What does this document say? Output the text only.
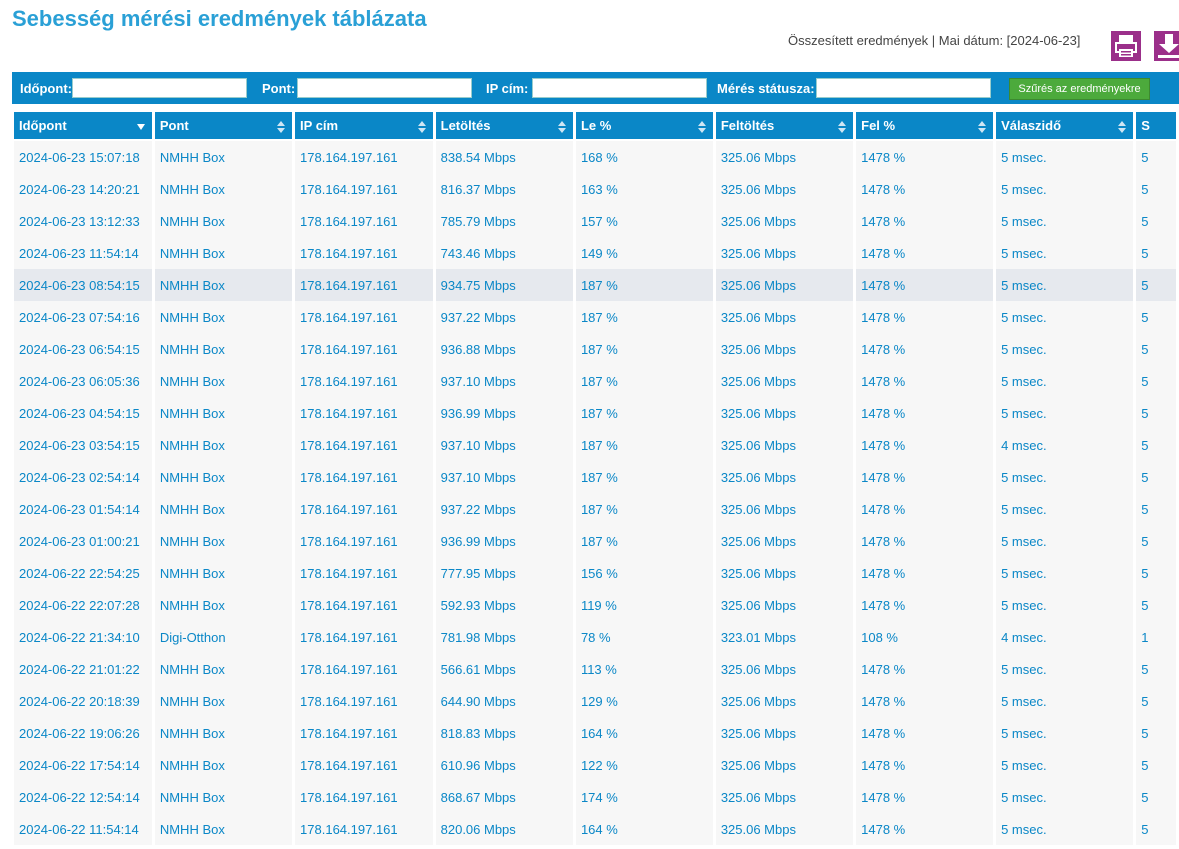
Sebesség mérési eredmények táblázata
Összesített eredmények | Mai dátum: [2024-06-23]
Időpont:	Pont:	IP cím:	Mérés státusza:	Szűrés az eredményekre
Időpont	Pont	IP cím	Letöltés	Le %	Feltöltés	Fel %	Válaszidő	S
2024-06-23 15:07:18	NMHH Box	178.164.197.161	838.54 Mbps	168 %	325.06 Mbps	1478 %	5 msec.	5
2024-06-23 14:20:21	NMHH Box	178.164.197.161	816.37 Mbps	163 %	325.06 Mbps	1478 %	5 msec.	5
2024-06-23 13:12:33	NMHH Box	178.164.197.161	785.79 Mbps	157 %	325.06 Mbps	1478 %	5 msec.	5
2024-06-23 11:54:14	NMHH Box	178.164.197.161	743.46 Mbps	149 %	325.06 Mbps	1478 %	5 msec.	5
2024-06-23 08:54:15	NMHH Box	178.164.197.161	934.75 Mbps	187 %	325.06 Mbps	1478 %	5 msec.	5
2024-06-23 07:54:16	NMHH Box	178.164.197.161	937.22 Mbps	187 %	325.06 Mbps	1478 %	5 msec.	5
2024-06-23 06:54:15	NMHH Box	178.164.197.161	936.88 Mbps	187 %	325.06 Mbps	1478 %	5 msec.	5
2024-06-23 06:05:36	NMHH Box	178.164.197.161	937.10 Mbps	187 %	325.06 Mbps	1478 %	5 msec.	5
2024-06-23 04:54:15	NMHH Box	178.164.197.161	936.99 Mbps	187 %	325.06 Mbps	1478 %	5 msec.	5
2024-06-23 03:54:15	NMHH Box	178.164.197.161	937.10 Mbps	187 %	325.06 Mbps	1478 %	4 msec.	5
2024-06-23 02:54:14	NMHH Box	178.164.197.161	937.10 Mbps	187 %	325.06 Mbps	1478 %	5 msec.	5
2024-06-23 01:54:14	NMHH Box	178.164.197.161	937.22 Mbps	187 %	325.06 Mbps	1478 %	5 msec.	5
2024-06-23 01:00:21	NMHH Box	178.164.197.161	936.99 Mbps	187 %	325.06 Mbps	1478 %	5 msec.	5
2024-06-22 22:54:25	NMHH Box	178.164.197.161	777.95 Mbps	156 %	325.06 Mbps	1478 %	5 msec.	5
2024-06-22 22:07:28	NMHH Box	178.164.197.161	592.93 Mbps	119 %	325.06 Mbps	1478 %	5 msec.	5
2024-06-22 21:34:10	Digi-Otthon	178.164.197.161	781.98 Mbps	78 %	323.01 Mbps	108 %	4 msec.	1
2024-06-22 21:01:22	NMHH Box	178.164.197.161	566.61 Mbps	113 %	325.06 Mbps	1478 %	5 msec.	5
2024-06-22 20:18:39	NMHH Box	178.164.197.161	644.90 Mbps	129 %	325.06 Mbps	1478 %	5 msec.	5
2024-06-22 19:06:26	NMHH Box	178.164.197.161	818.83 Mbps	164 %	325.06 Mbps	1478 %	5 msec.	5
2024-06-22 17:54:14	NMHH Box	178.164.197.161	610.96 Mbps	122 %	325.06 Mbps	1478 %	5 msec.	5
2024-06-22 12:54:14	NMHH Box	178.164.197.161	868.67 Mbps	174 %	325.06 Mbps	1478 %	5 msec.	5
2024-06-22 11:54:14	NMHH Box	178.164.197.161	820.06 Mbps	164 %	325.06 Mbps	1478 %	5 msec.	5
